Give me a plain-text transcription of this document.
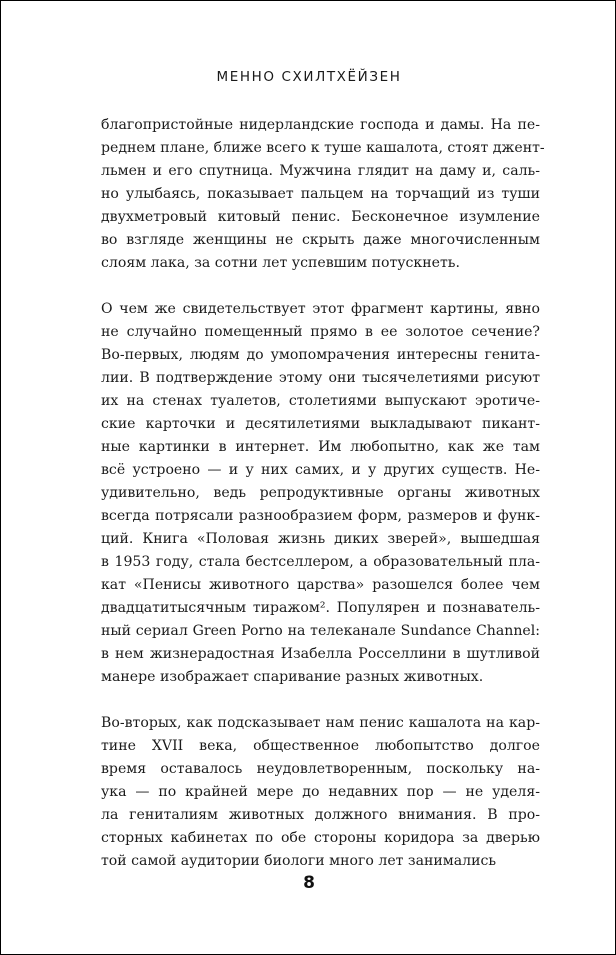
МЕННО СХИЛТХЁЙЗЕН
благопристойные нидерландские господа и дамы. На пе-
реднем плане, ближе всего к туше кашалота, стоят джент-
льмен и его спутница. Мужчина глядит на даму и, саль-
но улыбаясь, показывает пальцем на торчащий из туши
двухметровый китовый пенис. Бесконечное изумление
во взгляде женщины не скрыть даже многочисленным
слоям лака, за сотни лет успевшим потускнеть.
О чем же свидетельствует этот фрагмент картины, явно
не случайно помещенный прямо в ее золотое сечение?
Во-первых, людям до умопомрачения интересны генита-
лии. В подтверждение этому они тысячелетиями рисуют
их на стенах туалетов, столетиями выпускают эротиче-
ские карточки и десятилетиями выкладывают пикант-
ные картинки в интернет. Им любопытно, как же там
всё устроено — и у них самих, и у других существ. Не-
удивительно, ведь репродуктивные органы животных
всегда потрясали разнообразием форм, размеров и функ-
ций. Книга «Половая жизнь диких зверей», вышедшая
в 1953 году, стала бестселлером, а образовательный пла-
кат «Пенисы животного царства» разошелся более чем
двадцатитысячным тиражом². Популярен и познаватель-
ный сериал Green Porno на телеканале Sundance Channel:
в нем жизнерадостная Изабелла Росселлини в шутливой
манере изображает спаривание разных животных.
Во-вторых, как подсказывает нам пенис кашалота на кар-
тине XVII века, общественное любопытство долгое
время оставалось неудовлетворенным, поскольку на-
ука — по крайней мере до недавних пор — не уделя-
ла гениталиям животных должного внимания. В про-
сторных кабинетах по обе стороны коридора за дверью
той самой аудитории биологи много лет занимались
8
